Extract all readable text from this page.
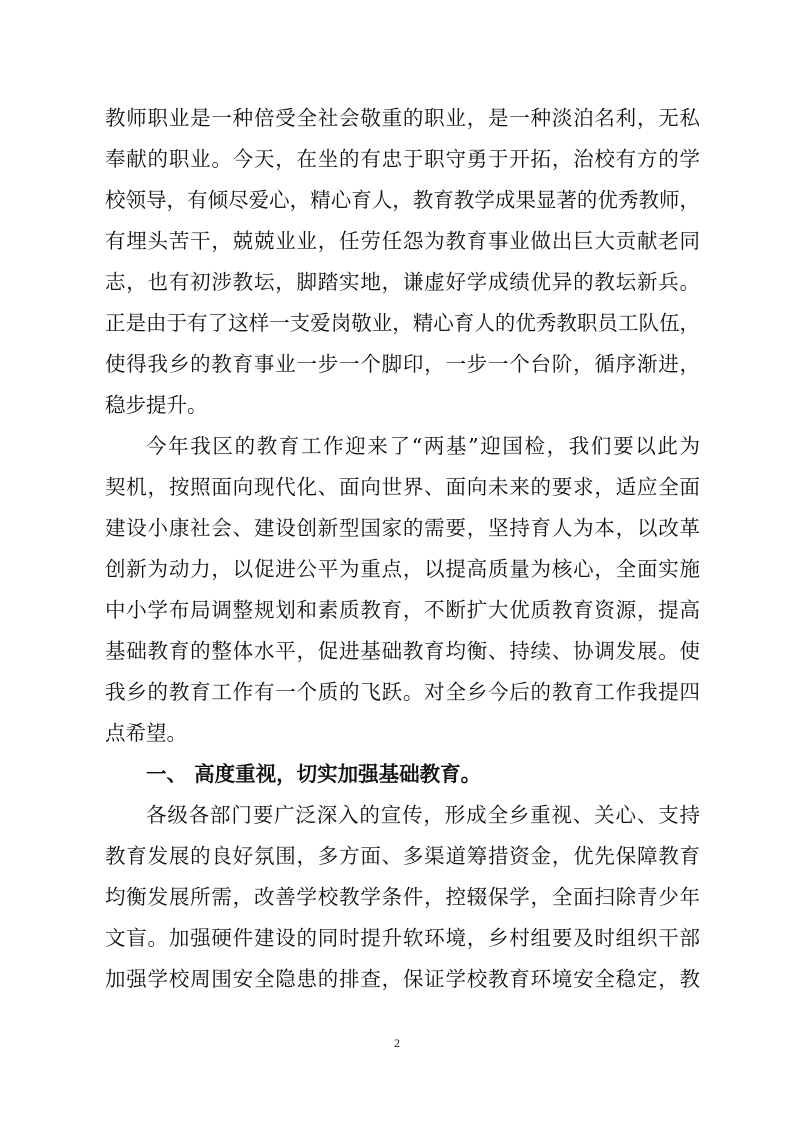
教师职业是一种倍受全社会敬重的职业，是一种淡泊名利，无私
奉献的职业。今天，在坐的有忠于职守勇于开拓，治校有方的学
校领导，有倾尽爱心，精心育人，教育教学成果显著的优秀教师，
有埋头苦干，兢兢业业，任劳任怨为教育事业做出巨大贡献老同
志，也有初涉教坛，脚踏实地，谦虚好学成绩优异的教坛新兵。
正是由于有了这样一支爱岗敬业，精心育人的优秀教职员工队伍，
使得我乡的教育事业一步一个脚印，一步一个台阶，循序渐进，
稳步提升。
今年我区的教育工作迎来了“两基”迎国检，我们要以此为
契机，按照面向现代化、面向世界、面向未来的要求，适应全面
建设小康社会、建设创新型国家的需要，坚持育人为本，以改革
创新为动力，以促进公平为重点，以提高质量为核心，全面实施
中小学布局调整规划和素质教育，不断扩大优质教育资源，提高
基础教育的整体水平，促进基础教育均衡、持续、协调发展。使
我乡的教育工作有一个质的飞跃。对全乡今后的教育工作我提四
点希望。
一、 高度重视，切实加强基础教育。
各级各部门要广泛深入的宣传，形成全乡重视、关心、支持
教育发展的良好氛围，多方面、多渠道筹措资金，优先保障教育
均衡发展所需，改善学校教学条件，控辍保学，全面扫除青少年
文盲。加强硬件建设的同时提升软环境，乡村组要及时组织干部
加强学校周围安全隐患的排查，保证学校教育环境安全稳定，教
2
